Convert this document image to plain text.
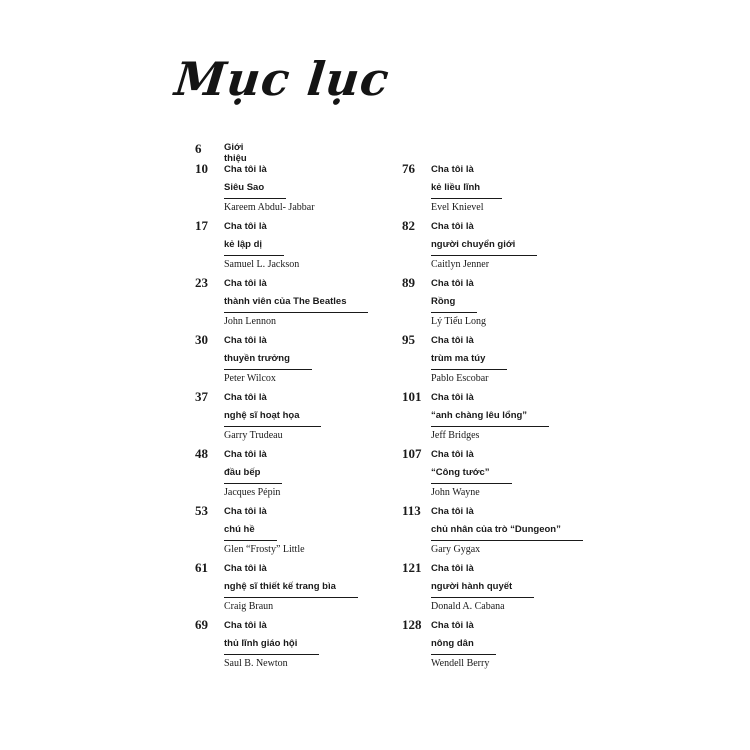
Mục lục
6 Giới thiệu
10 Cha tôi là
Siêu Sao
Kareem Abdul- Jabbar
17 Cha tôi là
kẻ lập dị
Samuel L. Jackson
23 Cha tôi là
thành viên của The Beatles
John Lennon
30 Cha tôi là
thuyền trưởng
Peter Wilcox
37 Cha tôi là
nghệ sĩ hoạt họa
Garry Trudeau
48 Cha tôi là
đầu bếp
Jacques Pépin
53 Cha tôi là
chú hề
Glen “Frosty” Little
61 Cha tôi là
nghệ sĩ thiết kế trang bìa
Craig Braun
69 Cha tôi là
thủ lĩnh giáo hội
Saul B. Newton
76 Cha tôi là
kẻ liều lĩnh
Evel Knievel
82 Cha tôi là
người chuyển giới
Caitlyn Jenner
89 Cha tôi là
Rồng
Lý Tiểu Long
95 Cha tôi là
trùm ma túy
Pablo Escobar
101 Cha tôi là
“anh chàng lêu lổng”
Jeff Bridges
107 Cha tôi là
“Công tước”
John Wayne
113 Cha tôi là
chủ nhân của trò “Dungeon”
Gary Gygax
121 Cha tôi là
người hành quyết
Donald A. Cabana
128 Cha tôi là
nông dân
Wendell Berry
